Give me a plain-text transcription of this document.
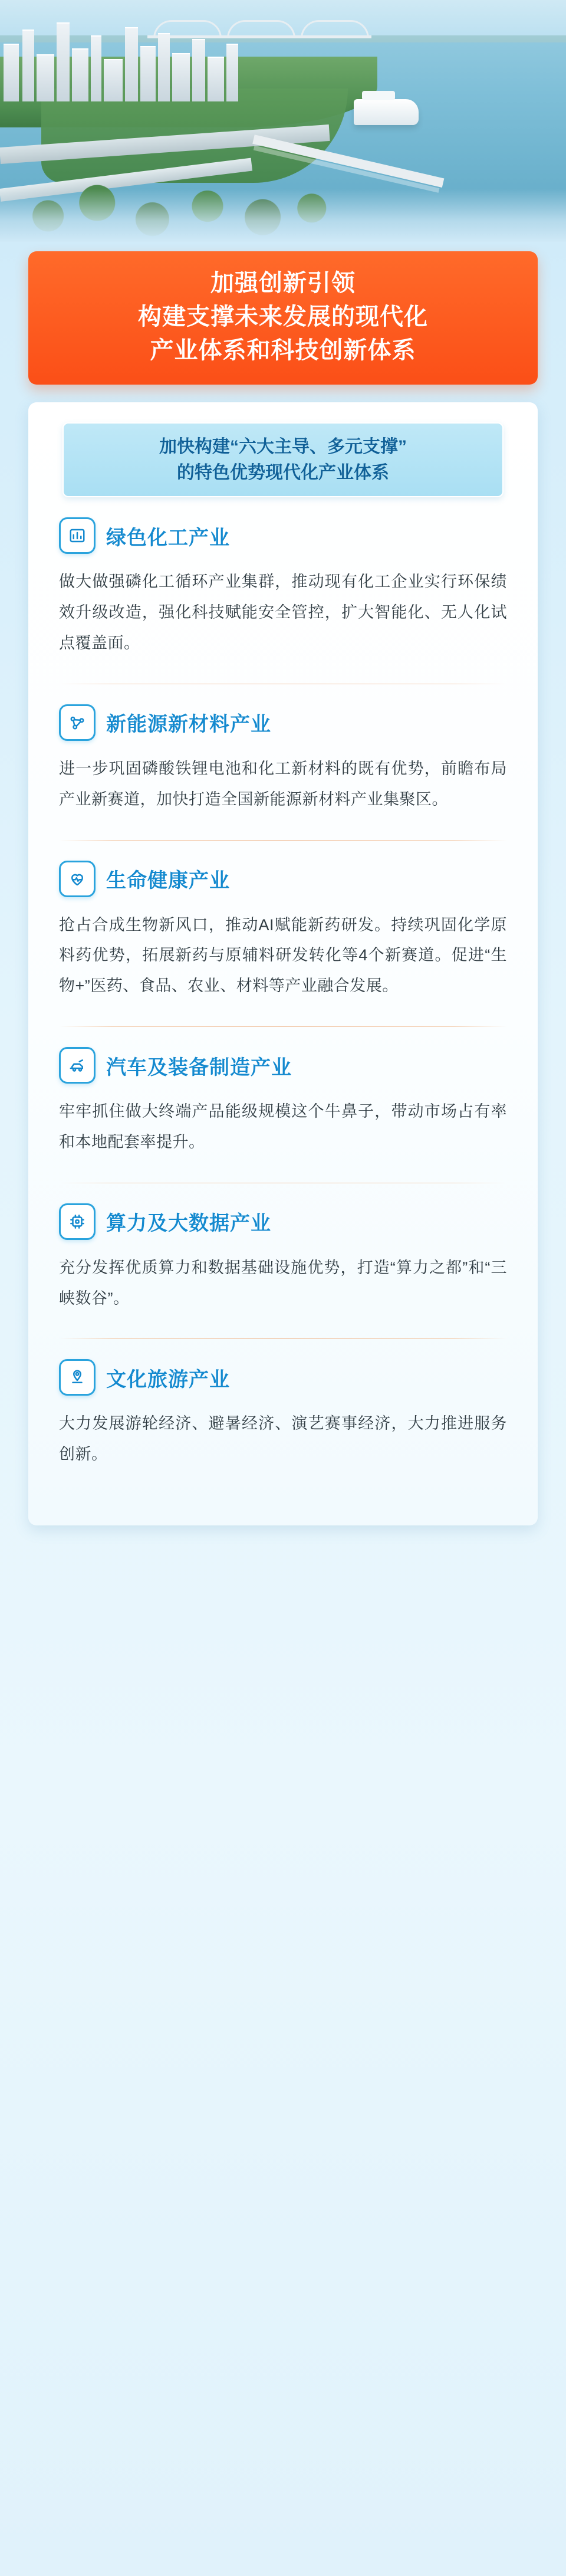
加强创新引领
构建支撑未来发展的现代化
产业体系和科技创新体系
加快构建“六大主导、多元支撑”
的特色优势现代化产业体系
绿色化工产业
做大做强磷化工循环产业集群，推动现有化工企业实行环保绩效升级改造，强化科技赋能安全管控，扩大智能化、无人化试点覆盖面。
新能源新材料产业
进一步巩固磷酸铁锂电池和化工新材料的既有优势，前瞻布局产业新赛道，加快打造全国新能源新材料产业集聚区。
生命健康产业
抢占合成生物新风口，推动AI赋能新药研发。持续巩固化学原料药优势，拓展新药与原辅料研发转化等4个新赛道。促进“生物+”医药、食品、农业、材料等产业融合发展。
汽车及装备制造产业
牢牢抓住做大终端产品能级规模这个牛鼻子，带动市场占有率和本地配套率提升。
算力及大数据产业
充分发挥优质算力和数据基础设施优势，打造“算力之都”和“三峡数谷”。
文化旅游产业
大力发展游轮经济、避暑经济、演艺赛事经济，大力推进服务创新。
